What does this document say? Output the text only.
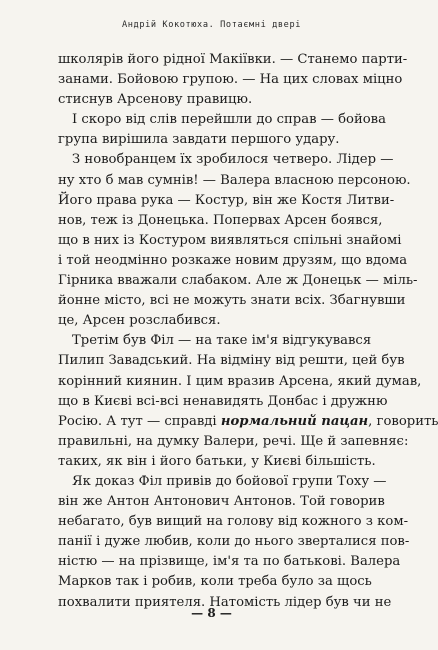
Андрій Кокотюха. Потаємні двері
школярів його рідної Макіївки. — Станемо парти-
занами. Бойовою групою. — На цих словах міцно
стиснув Арсенову правицю.
І скоро від слів перейшли до справ — бойова
група вирішила завдати першого удару.
З новобранцем їх зробилося четверо. Лідер —
ну хто б мав сумнів! — Валера власною персоною.
Його права рука — Костур, він же Костя Литви-
нов, теж із Донецька. Попервах Арсен боявся,
що в них із Костуром виявляться спільні знайомі
і той неодмінно розкаже новим друзям, що вдома
Гірника вважали слабаком. Але ж Донецьк — міль-
йонне місто, всі не можуть знати всіх. Збагнувши
це, Арсен розслабився.
Третім був Філ — на таке ім'я відгукувався
Пилип Завадський. На відміну від решти, цей був
корінний киянин. І цим вразив Арсена, який думав,
що в Києві всі-всі ненавидять Донбас і дружню
Росію. А тут — справді нормальний пацан, говорить
правильні, на думку Валери, речі. Ще й запевняє:
таких, як він і його батьки, у Києві більшість.
Як доказ Філ привів до бойової групи Тоху —
він же Антон Антонович Антонов. Той говорив
небагато, був вищий на голову від кожного з ком-
панії і дуже любив, коли до нього зверталися пов-
ністю — на прізвище, ім'я та по батькові. Валера
Марков так і робив, коли треба було за щось
похвалити приятеля. Натомість лідер був чи не
— 8 —
